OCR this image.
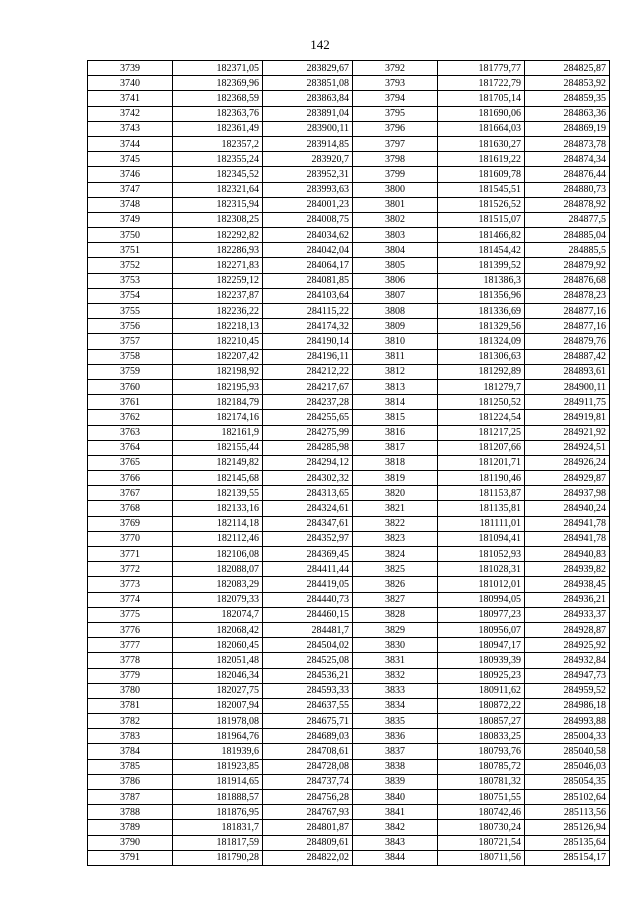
142
3739	182371,05	283829,67	3792	181779,77	284825,87
3740	182369,96	283851,08	3793	181722,79	284853,92
3741	182368,59	283863,84	3794	181705,14	284859,35
3742	182363,76	283891,04	3795	181690,06	284863,36
3743	182361,49	283900,11	3796	181664,03	284869,19
3744	182357,2	283914,85	3797	181630,27	284873,78
3745	182355,24	283920,7	3798	181619,22	284874,34
3746	182345,52	283952,31	3799	181609,78	284876,44
3747	182321,64	283993,63	3800	181545,51	284880,73
3748	182315,94	284001,23	3801	181526,52	284878,92
3749	182308,25	284008,75	3802	181515,07	284877,5
3750	182292,82	284034,62	3803	181466,82	284885,04
3751	182286,93	284042,04	3804	181454,42	284885,5
3752	182271,83	284064,17	3805	181399,52	284879,92
3753	182259,12	284081,85	3806	181386,3	284876,68
3754	182237,87	284103,64	3807	181356,96	284878,23
3755	182236,22	284115,22	3808	181336,69	284877,16
3756	182218,13	284174,32	3809	181329,56	284877,16
3757	182210,45	284190,14	3810	181324,09	284879,76
3758	182207,42	284196,11	3811	181306,63	284887,42
3759	182198,92	284212,22	3812	181292,89	284893,61
3760	182195,93	284217,67	3813	181279,7	284900,11
3761	182184,79	284237,28	3814	181250,52	284911,75
3762	182174,16	284255,65	3815	181224,54	284919,81
3763	182161,9	284275,99	3816	181217,25	284921,92
3764	182155,44	284285,98	3817	181207,66	284924,51
3765	182149,82	284294,12	3818	181201,71	284926,24
3766	182145,68	284302,32	3819	181190,46	284929,87
3767	182139,55	284313,65	3820	181153,87	284937,98
3768	182133,16	284324,61	3821	181135,81	284940,24
3769	182114,18	284347,61	3822	181111,01	284941,78
3770	182112,46	284352,97	3823	181094,41	284941,78
3771	182106,08	284369,45	3824	181052,93	284940,83
3772	182088,07	284411,44	3825	181028,31	284939,82
3773	182083,29	284419,05	3826	181012,01	284938,45
3774	182079,33	284440,73	3827	180994,05	284936,21
3775	182074,7	284460,15	3828	180977,23	284933,37
3776	182068,42	284481,7	3829	180956,07	284928,87
3777	182060,45	284504,02	3830	180947,17	284925,92
3778	182051,48	284525,08	3831	180939,39	284932,84
3779	182046,34	284536,21	3832	180925,23	284947,73
3780	182027,75	284593,33	3833	180911,62	284959,52
3781	182007,94	284637,55	3834	180872,22	284986,18
3782	181978,08	284675,71	3835	180857,27	284993,88
3783	181964,76	284689,03	3836	180833,25	285004,33
3784	181939,6	284708,61	3837	180793,76	285040,58
3785	181923,85	284728,08	3838	180785,72	285046,03
3786	181914,65	284737,74	3839	180781,32	285054,35
3787	181888,57	284756,28	3840	180751,55	285102,64
3788	181876,95	284767,93	3841	180742,46	285113,56
3789	181831,7	284801,87	3842	180730,24	285126,94
3790	181817,59	284809,61	3843	180721,54	285135,64
3791	181790,28	284822,02	3844	180711,56	285154,17
